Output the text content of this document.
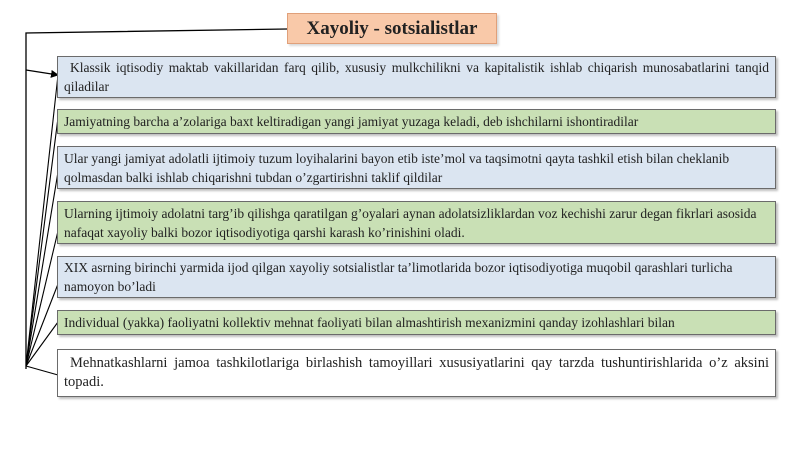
Xayoliy - sotsialistlar
Klassik iqtisodiy maktab vakillaridan farq qilib, xususiy mulkchilikni va kapitalistik ishlab chiqarish munosabatlarini tanqid qiladilar
Jamiyatning barcha a’zolariga baxt keltiradigan yangi jamiyat yuzaga keladi, deb ishchilarni ishontiradilar
Ular yangi jamiyat adolatli ijtimoiy tuzum loyihalarini bayon etib iste’mol va taqsimotni qayta tashkil etish bilan cheklanib qolmasdan balki ishlab chiqarishni tubdan o’zgartirishni taklif qildilar
Ularning ijtimoiy adolatni targ’ib qilishga qaratilgan g’oyalari aynan adolatsizliklardan voz kechishi zarur degan fikrlari asosida nafaqat xayoliy balki bozor iqtisodiyotiga qarshi karash ko’rinishini oladi.
XIX asrning birinchi yarmida ijod qilgan xayoliy sotsialistlar ta’limotlarida bozor iqtisodiyotiga muqobil qarashlari turlicha namoyon bo’ladi
Individual (yakka) faoliyatni kollektiv mehnat faoliyati bilan almashtirish mexanizmini qanday izohlashlari bilan
Mehnatkashlarni jamoa tashkilotlariga birlashish tamoyillari xususiyatlarini qay tarzda tushuntirishlarida o’z aksini topadi.
